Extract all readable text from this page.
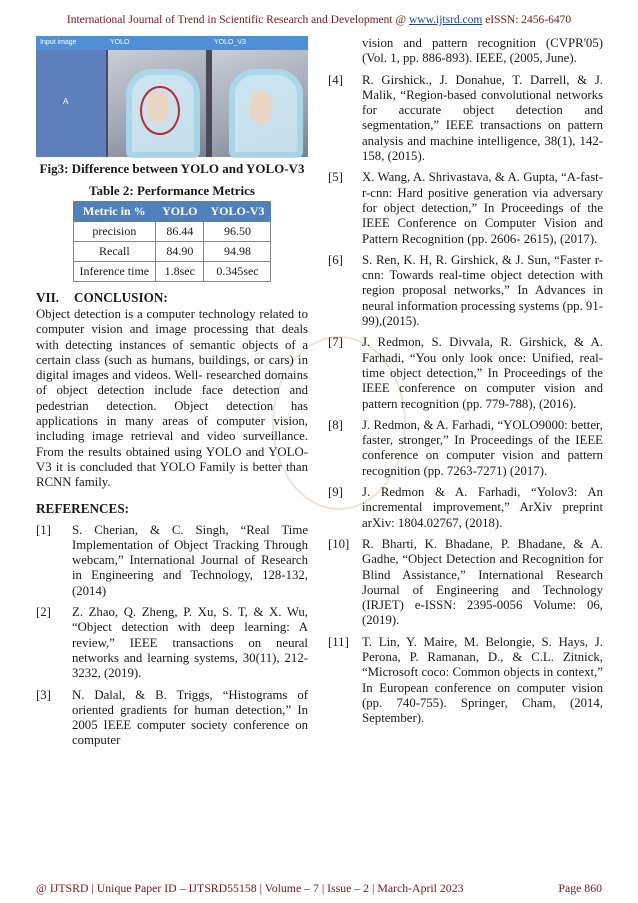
International Journal of Trend in Scientific Research and Development @ www.ijtsrd.com eISSN: 2456-6470
Input image	YOLO	YOLO_V3
A
Fig3: Difference between YOLO and YOLO-V3
Table 2: Performance Metrics
Metric in %	YOLO	YOLO-V3
precision	86.44	96.50
Recall	84.90	94.98
Inference time	1.8sec	0.345sec
VII. CONCLUSION:

Object detection is a computer technology related to computer vision and image processing that deals with detecting instances of semantic objects of a certain class (such as humans, buildings, or cars) in digital images and videos. Well- researched domains of object detection include face detection and pedestrian detection. Object detection has applications in many areas of computer vision, including image retrieval and video surveillance. From the results obtained using YOLO and YOLO-V3 it is concluded that YOLO Family is better than RCNN family.

REFERENCES:
[1] S. Cherian, & C. Singh, “Real Time Implementation of Object Tracking Through webcam,” International Journal of Research in Engineering and Technology, 128-132, (2014)
[2] Z. Zhao, Q. Zheng, P. Xu, S. T, & X. Wu, “Object detection with deep learning: A review,” IEEE transactions on neural networks and learning systems, 30(11), 212-3232, (2019).
[3] N. Dalal, & B. Triggs, “Histograms of oriented gradients for human detection,” In 2005 IEEE computer society conference on computer
vision and pattern recognition (CVPR'05) (Vol. 1, pp. 886-893). IEEE, (2005, June).
[4] R. Girshick., J. Donahue, T. Darrell, & J. Malik, “Region-based convolutional networks for accurate object detection and segmentation,” IEEE transactions on pattern analysis and machine intelligence, 38(1), 142-158, (2015).
[5] X. Wang, A. Shrivastava, & A. Gupta, “A-fast-r-cnn: Hard positive generation via adversary for object detection,” In Proceedings of the IEEE Conference on Computer Vision and Pattern Recognition (pp. 2606- 2615), (2017).
[6] S. Ren, K. H, R. Girshick, & J. Sun, “Faster r-cnn: Towards real-time object detection with region proposal networks,” In Advances in neural information processing systems (pp. 91-99),(2015).
[7] J. Redmon, S. Divvala, R. Girshick, & A. Farhadi, “You only look once: Unified, real-time object detection,” In Proceedings of the IEEE conference on computer vision and pattern recognition (pp. 779-788), (2016).
[8] J. Redmon, & A. Farhadi, “YOLO9000: better, faster, stronger,” In Proceedings of the IEEE conference on computer vision and pattern recognition (pp. 7263-7271) (2017).
[9] J. Redmon & A. Farhadi, “Yolov3: An incremental improvement,” ArXiv preprint arXiv: 1804.02767, (2018).
[10] R. Bharti, K. Bhadane, P. Bhadane, & A. Gadhe, “Object Detection and Recognition for Blind Assistance,” International Research Journal of Engineering and Technology (IRJET) e-ISSN: 2395-0056 Volume: 06, (2019).
[11] T. Lin, Y. Maire, M. Belongie, S. Hays, J. Perona, P. Ramanan, D., & C.L. Zitnick, “Microsoft coco: Common objects in context,” In European conference on computer vision (pp. 740-755). Springer, Cham, (2014, September).
@ IJTSRD | Unique Paper ID – IJTSRD55158 | Volume – 7 | Issue – 2 | March-April 2023	Page 860
